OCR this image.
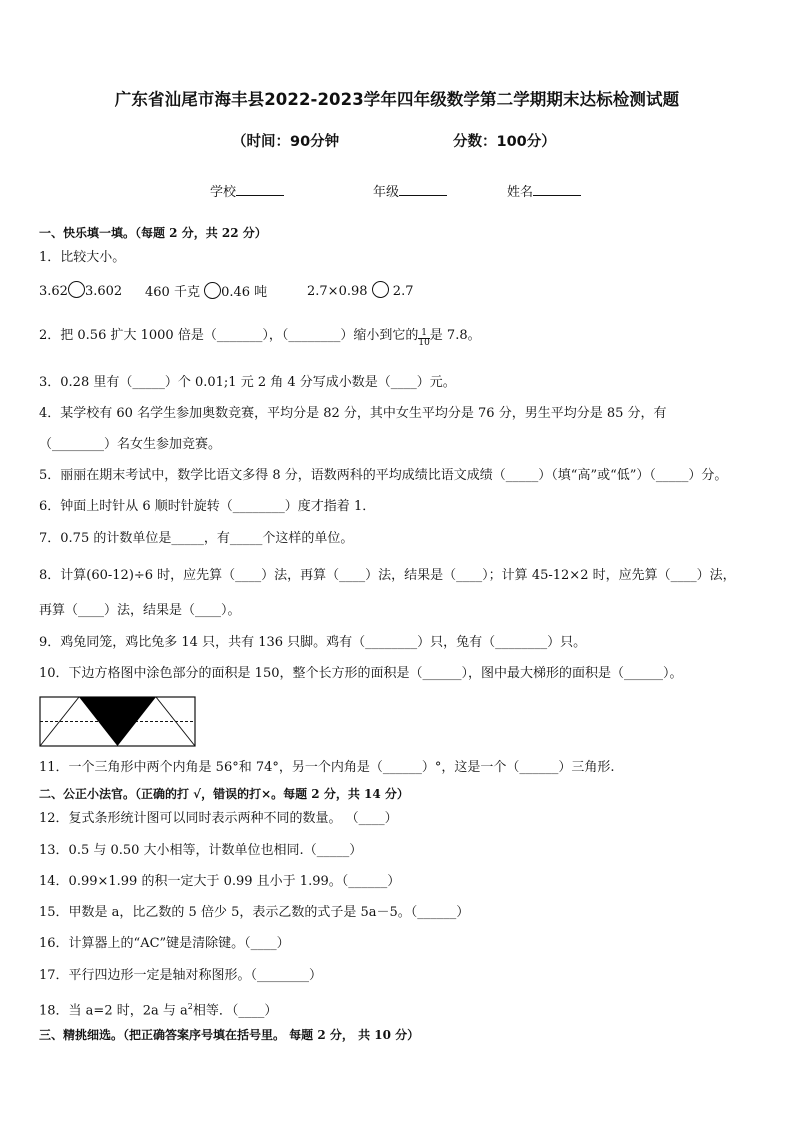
广东省汕尾市海丰县2022-2023学年四年级数学第二学期期末达标检测试题
（时间：90分钟	分数：100分）
学校	年级	姓名
一、快乐填一填。（每题 2 分，共 22 分）
1．比较大小。
3.62 3.602 460 千克 0.46 吨	2.7×0.98 2.7
2．把 0.56 扩大 1000 倍是（_______），（________）缩小到它的 $\frac{1}{10}$ 是 7.8。
3．0.28 里有（_____）个 0.01;1 元 2 角 4 分写成小数是（____）元。
4．某学校有 60 名学生参加奥数竞赛，平均分是 82 分，其中女生平均分是 76 分，男生平均分是 85 分，有
（________）名女生参加竞赛。
5．丽丽在期末考试中，数学比语文多得 8 分，语数两科的平均成绩比语文成绩（_____）（填“高”或“低”）（_____）分。
6．钟面上时针从 6 顺时针旋转（________）度才指着 1．
7．0.75 的计数单位是_____，有_____个这样的单位。
8．计算(60-12)÷6 时，应先算（____）法，再算（____）法，结果是（____）；计算 45-12×2 时，应先算（____）法，
再算（____）法，结果是（____）。
9．鸡兔同笼，鸡比兔多 14 只，共有 136 只脚。鸡有（________）只，兔有（________）只。
10．下边方格图中涂色部分的面积是 150，整个长方形的面积是（______），图中最大梯形的面积是（______）。
11．一个三角形中两个内角是 56°和 74°，另一个内角是（______）°，这是一个（______）三角形.
二、公正小法官。（正确的打 √，错误的打×。每题 2 分，共 14 分）
12．复式条形统计图可以同时表示两种不同的数量。 （____）
13．0.5 与 0.50 大小相等，计数单位也相同.（_____）
14．0.99×1.99 的积一定大于 0.99 且小于 1.99。（______）
15．甲数是 a，比乙数的 5 倍少 5，表示乙数的式子是 5a－5。（______）
16．计算器上的“AC”键是清除键。（____）
17．平行四边形一定是轴对称图形。（________）
18．当 a=2 时，2a 与 $a^2$相等．（____）
三、精挑细选。（把正确答案序号填在括号里。 每题 2 分， 共 10 分）
